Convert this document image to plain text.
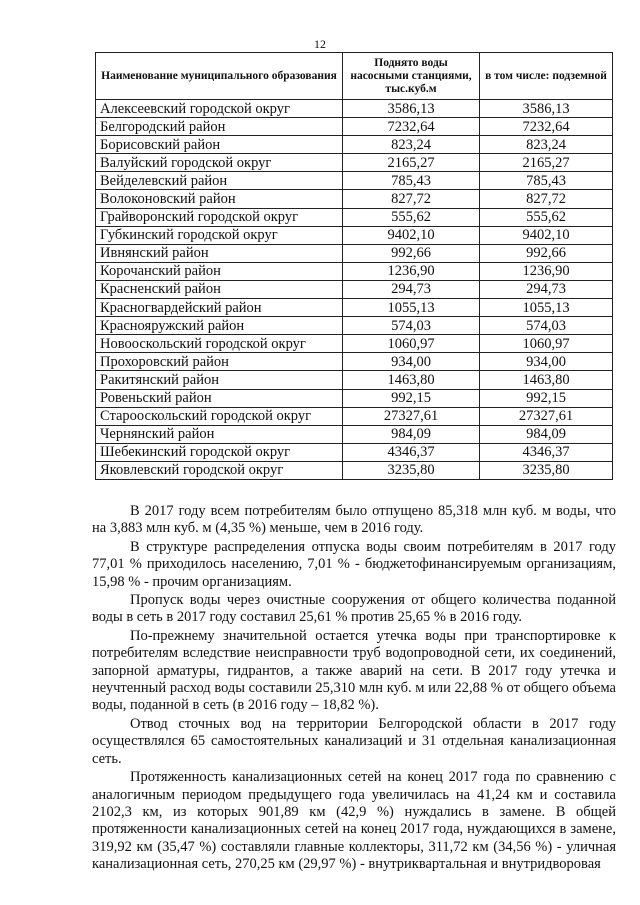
12
Наименование муниципального образования	Поднято воды насосными станциями, тыс.куб.м	в том числе: подземной
Алексеевский городской округ	3586,13	3586,13
Белгородский район	7232,64	7232,64
Борисовский район	823,24	823,24
Валуйский городской округ	2165,27	2165,27
Вейделевский район	785,43	785,43
Волоконовский район	827,72	827,72
Грайворонский городской округ	555,62	555,62
Губкинский городской округ	9402,10	9402,10
Ивнянский район	992,66	992,66
Корочанский район	1236,90	1236,90
Красненский район	294,73	294,73
Красногвардейский район	1055,13	1055,13
Краснояружский район	574,03	574,03
Новооскольский городской округ	1060,97	1060,97
Прохоровский район	934,00	934,00
Ракитянский район	1463,80	1463,80
Ровеньский район	992,15	992,15
Старооскольский городской округ	27327,61	27327,61
Чернянский район	984,09	984,09
Шебекинский городской округ	4346,37	4346,37
Яковлевский городской округ	3235,80	3235,80

В 2017 году всем потребителям было отпущено 85,318 млн куб. м воды, что на 3,883 млн куб. м (4,35 %) меньше, чем в 2016 году.

В структуре распределения отпуска воды своим потребителям в 2017 году 77,01 % приходилось населению, 7,01 % - бюджетофинансируемым организациям, 15,98 % - прочим организациям.

Пропуск воды через очистные сооружения от общего количества поданной воды в сеть в 2017 году составил 25,61 % против 25,65 % в 2016 году.

По-прежнему значительной остается утечка воды при транспортировке к потребителям вследствие неисправности труб водопроводной сети, их соединений, запорной арматуры, гидрантов, а также аварий на сети. В 2017 году утечка и неучтенный расход воды составили 25,310 млн куб. м или 22,88 % от общего объема воды, поданной в сеть (в 2016 году – 18,82 %).

Отвод сточных вод на территории Белгородской области в 2017 году осуществлялся 65 самостоятельных канализаций и 31 отдельная канализационная сеть.

Протяженность канализационных сетей на конец 2017 года по сравнению с аналогичным периодом предыдущего года увеличилась на 41,24 км и составила 2102,3 км, из которых 901,89 км (42,9 %) нуждались в замене. В общей протяженности канализационных сетей на конец 2017 года, нуждающихся в замене, 319,92 км (35,47 %) составляли главные коллекторы, 311,72 км (34,56 %) - уличная канализационная сеть, 270,25 км (29,97 %) - внутриквартальная и внутридворовая
